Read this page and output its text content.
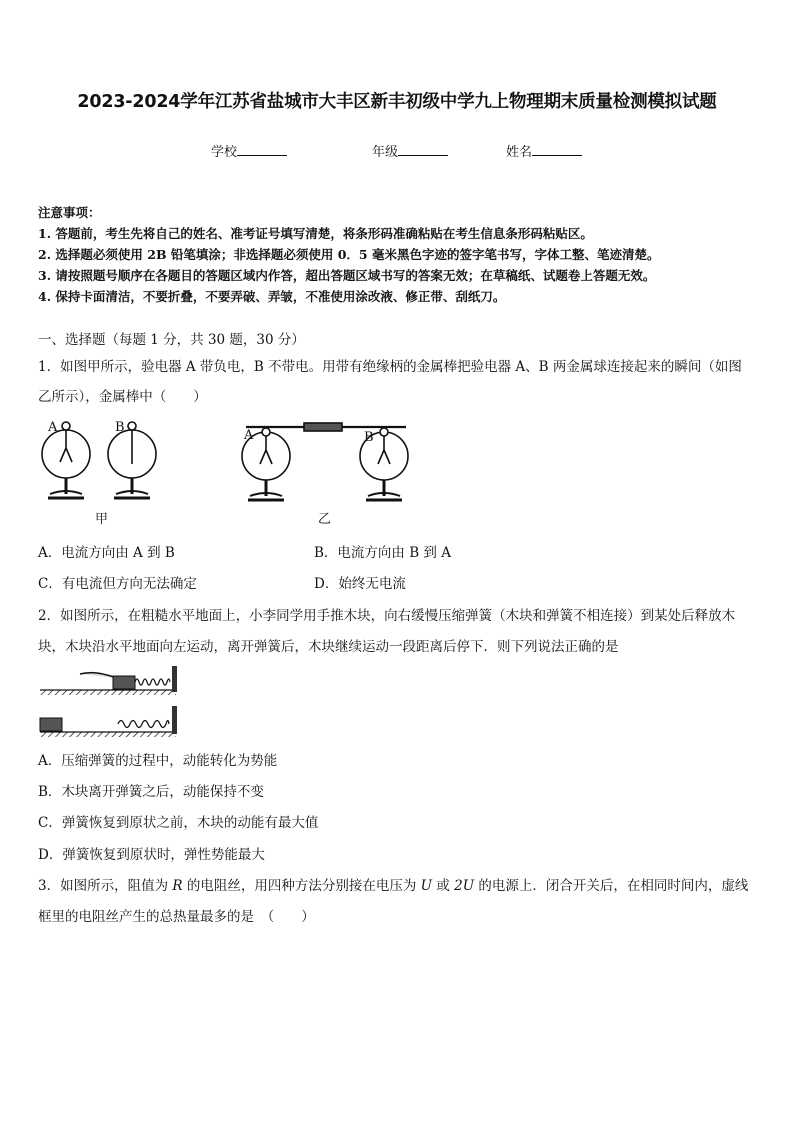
2023-2024学年江苏省盐城市大丰区新丰初级中学九上物理期末质量检测模拟试题
学校	年级	姓名
注意事项：
1. 答题前，考生先将自己的姓名、准考证号填写清楚，将条形码准确粘贴在考生信息条形码粘贴区。
2. 选择题必须使用 2B 铅笔填涂；非选择题必须使用 0．5 毫米黑色字迹的签字笔书写，字体工整、笔迹清楚。
3. 请按照题号顺序在各题目的答题区域内作答，超出答题区域书写的答案无效；在草稿纸、试题卷上答题无效。
4. 保持卡面清洁，不要折叠，不要弄破、弄皱，不准使用涂改液、修正带、刮纸刀。
一、选择题（每题 1 分，共 30 题，30 分）
1．如图甲所示，验电器 A 带负电，B 不带电。用带有绝缘柄的金属棒把验电器 A、B 两金属球连接起来的瞬间（如图
乙所示），金属棒中（　　）
A	B
甲
A	B
乙
A．电流方向由 A 到 B	B．电流方向由 B 到 A
C．有电流但方向无法确定	D．始终无电流
2．如图所示，在粗糙水平地面上，小李同学用手推木块，向右缓慢压缩弹簧（木块和弹簧不相连接）到某处后释放木
块，木块沿水平地面向左运动，离开弹簧后，木块继续运动一段距离后停下．则下列说法正确的是
A．压缩弹簧的过程中，动能转化为势能
B．木块离开弹簧之后，动能保持不变
C．弹簧恢复到原状之前，木块的动能有最大值
D．弹簧恢复到原状时，弹性势能最大
3．如图所示，阻值为 R 的电阻丝，用四种方法分别接在电压为 U 或 2U 的电源上．闭合开关后，在相同时间内，虚线
框里的电阻丝产生的总热量最多的是　（　　）
